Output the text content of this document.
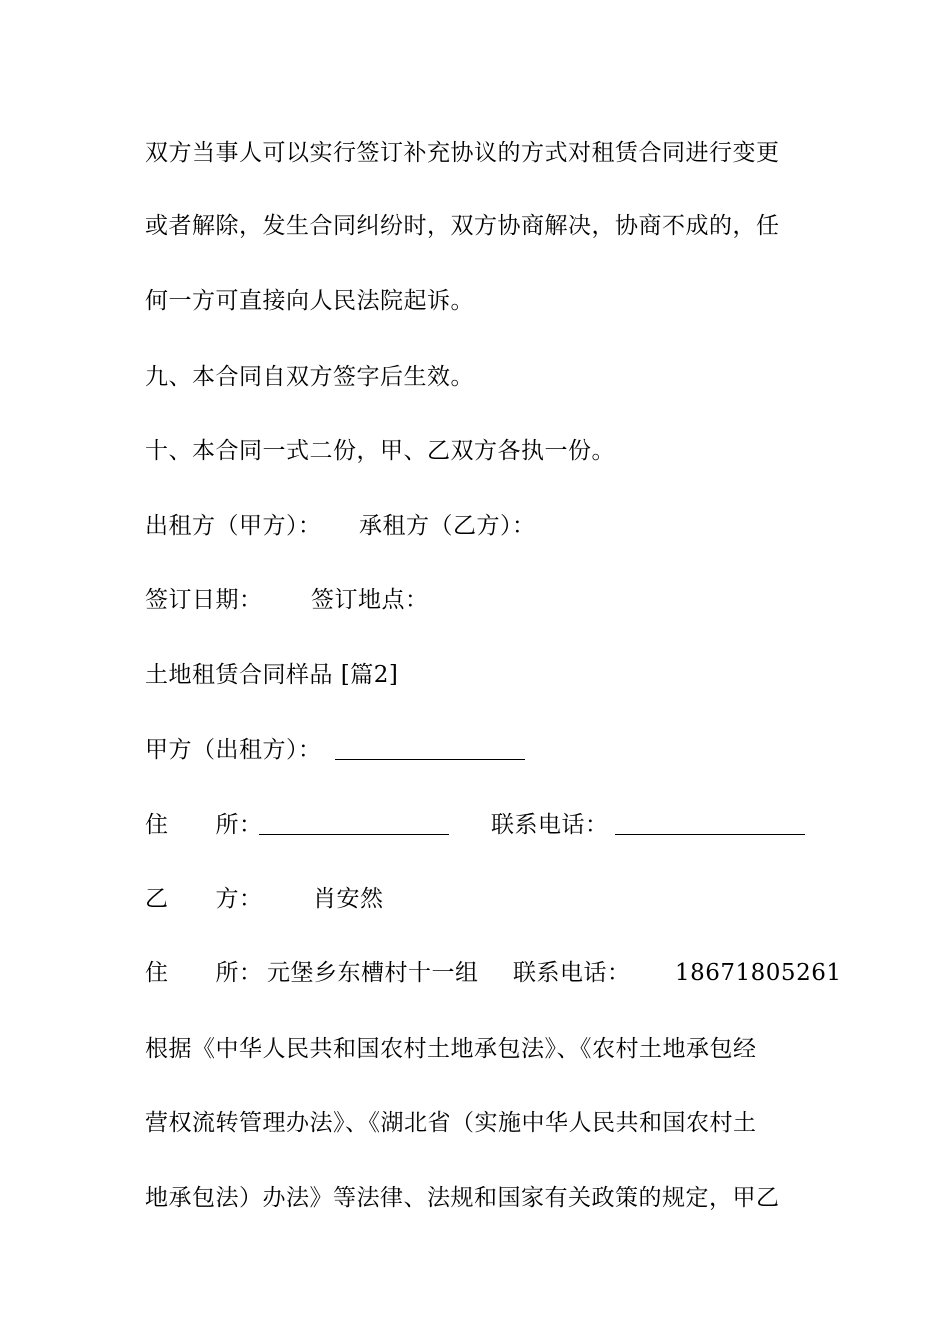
双方当事人可以实行签订补充协议的方式对租赁合同进行变更
或者解除，发生合同纠纷时，双方协商解决，协商不成的，任
何一方可直接向人民法院起诉。
九、本合同自双方签字后生效。
十、本合同一式二份，甲、乙双方各执一份。
出租方（甲方）： 承租方（乙方）：
签订日期： 签订地点：
土地租赁合同样品 [篇2]
甲方（出租方）：
住　　所：	联系电话：
乙　　方： 肖安然
住　　所： 元堡乡东槽村十一组 联系电话： 18671805261
根据《中华人民共和国农村土地承包法》、《农村土地承包经
营权流转管理办法》、《湖北省（实施中华人民共和国农村土
地承包法）办法》等法律、法规和国家有关政策的规定，甲乙
